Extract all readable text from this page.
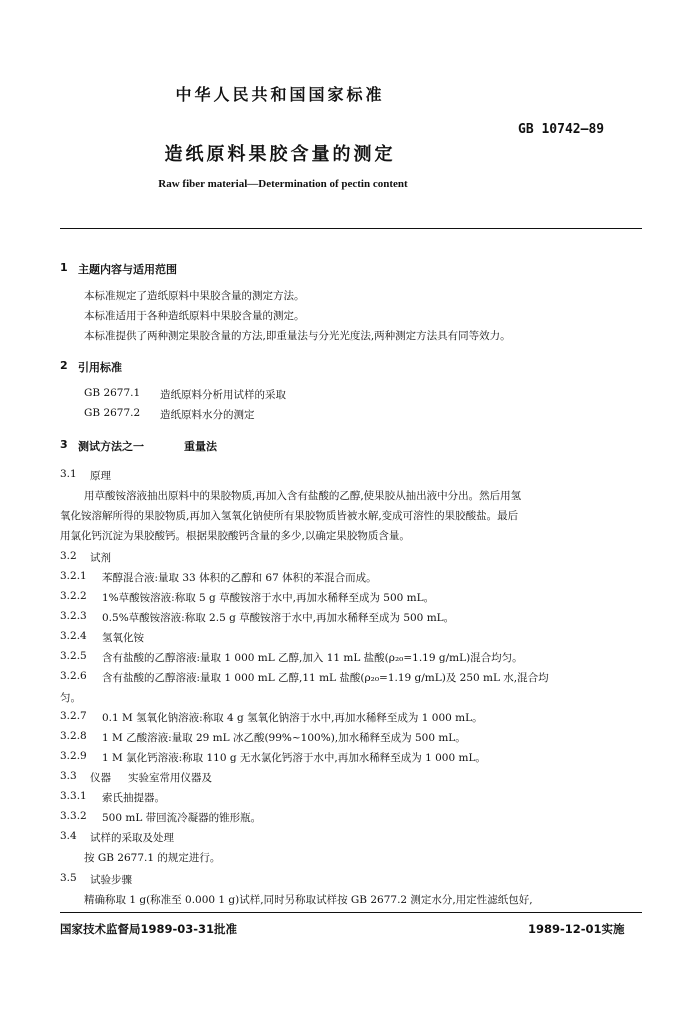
中华人民共和国国家标准
GB 10742—89
造纸原料果胶含量的测定
Raw fiber material—Determination of pectin content
1 主题内容与适用范围
本标准规定了造纸原料中果胶含量的测定方法。
本标准适用于各种造纸原料中果胶含量的测定。
本标准提供了两种测定果胶含量的方法,即重量法与分光光度法,两种测定方法具有同等效力。
2 引用标准
GB 2677.1 造纸原料分析用试样的采取
GB 2677.2 造纸原料水分的测定
3 测试方法之一	重量法
3.1 原理
用草酸铵溶液抽出原料中的果胶物质,再加入含有盐酸的乙醇,使果胶从抽出液中分出。然后用氢
氧化铵溶解所得的果胶物质,再加入氢氧化钠使所有果胶物质皆被水解,变成可溶性的果胶酸盐。最后
用氯化钙沉淀为果胶酸钙。根据果胶酸钙含量的多少,以确定果胶物质含量。
3.2 试剂
3.2.1 苯醇混合液:量取 33 体积的乙醇和 67 体积的苯混合而成。
3.2.2 1%草酸铵溶液:称取 5 g 草酸铵溶于水中,再加水稀释至成为 500 mL。
3.2.3 0.5%草酸铵溶液:称取 2.5 g 草酸铵溶于水中,再加水稀释至成为 500 mL。
3.2.4 氢氧化铵
3.2.5 含有盐酸的乙醇溶液:量取 1 000 mL 乙醇,加入 11 mL 盐酸(ρ₂₀=1.19 g/mL)混合均匀。
3.2.6 含有盐酸的乙醇溶液:量取 1 000 mL 乙醇,11 mL 盐酸(ρ₂₀=1.19 g/mL)及 250 mL 水,混合均
匀。
3.2.7 0.1 M 氢氧化钠溶液:称取 4 g 氢氧化钠溶于水中,再加水稀释至成为 1 000 mL。
3.2.8 1 M 乙酸溶液:量取 29 mL 冰乙酸(99%~100%),加水稀释至成为 500 mL。
3.2.9 1 M 氯化钙溶液:称取 110 g 无水氯化钙溶于水中,再加水稀释至成为 1 000 mL。
3.3 仪器 实验室常用仪器及
3.3.1 索氏抽提器。
3.3.2 500 mL 带回流冷凝器的锥形瓶。
3.4 试样的采取及处理
按 GB 2677.1 的规定进行。
3.5 试验步骤
精确称取 1 g(称准至 0.000 1 g)试样,同时另称取试样按 GB 2677.2 测定水分,用定性滤纸包好,
国家技术监督局1989-03-31批准	1989-12-01实施
